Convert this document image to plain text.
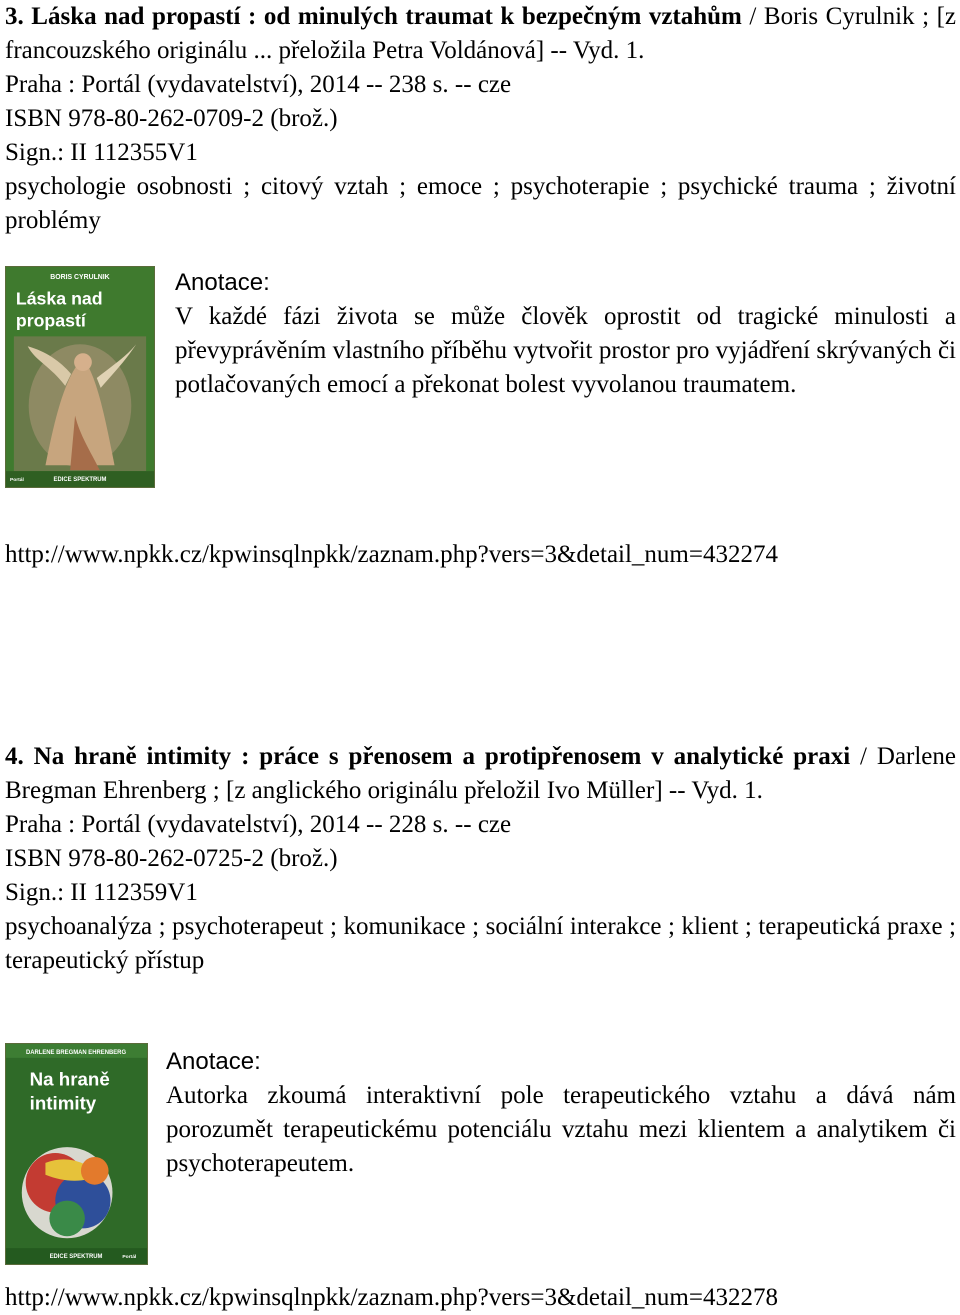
3. Láska nad propastí : od minulých traumat k bezpečným vztahům / Boris Cyrulnik ; [z francouzského originálu ... přeložila Petra Voldánová] -- Vyd. 1.

Praha : Portál (vydavatelství), 2014 -- 238 s. -- cze

ISBN 978-80-262-0709-2 (brož.)

Sign.: II 112355V1

psychologie osobnosti ; citový vztah ; emoce ; psychoterapie ; psychické trauma ; životní problémy

BORIS CYRULNIK
Láska nad
propastí
EDICE SPEKTRUM
Portál
Anotace:
V každé fázi života se může člověk oprostit od tragické minulosti a převyprávěním vlastního příběhu vytvořit prostor pro vyjádření skrývaných či potlačovaných emocí a překonat bolest vyvolanou traumatem.
http://www.npkk.cz/kpwinsqlnpkk/zaznam.php?vers=3&detail_num=432274

4. Na hraně intimity : práce s přenosem a protipřenosem v analytické praxi / Darlene Bregman Ehrenberg ; [z anglického originálu přeložil Ivo Müller] -- Vyd. 1.

Praha : Portál (vydavatelství), 2014 -- 228 s. -- cze

ISBN 978-80-262-0725-2 (brož.)

Sign.: II 112359V1

psychoanalýza ; psychoterapeut ; komunikace ; sociální interakce ; klient ; terapeutická praxe ; terapeutický přístup

DARLENE BREGMAN EHRENBERG
Na hraně
intimity
EDICE SPEKTRUM	Portál
Anotace:
Autorka zkoumá interaktivní pole terapeutického vztahu a dává nám porozumět terapeutickému potenciálu vztahu mezi klientem a analytikem či psychoterapeutem.
http://www.npkk.cz/kpwinsqlnpkk/zaznam.php?vers=3&detail_num=432278
